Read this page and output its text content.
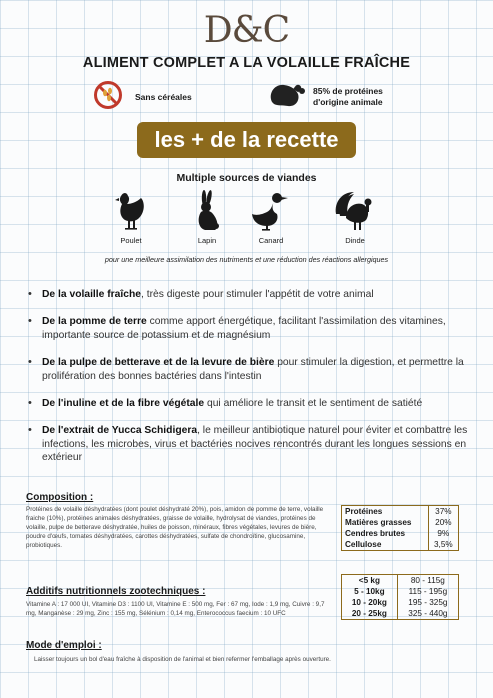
D&C
ALIMENT COMPLET A LA VOLAILLE FRAÎCHE
Sans céréales
85% de protéines
d'origine animale
les + de la recette
Multiple sources de viandes
Poulet	Lapin	Canard	Dinde
pour une meilleure assimilation des nutriments et une réduction des réactions allergiques
• De la volaille fraîche, très digeste pour stimuler l'appétit de votre animal
• De la pomme de terre comme apport énergétique, facilitant l'assimilation des vitamines, importante source de potassium et de magnésium
• De la pulpe de betterave et de la levure de bière pour stimuler la digestion, et permettre la prolifération des bonnes bactéries dans l'intestin
• De l'inuline et de la fibre végétale qui améliore le transit et le sentiment de satiété
• De l'extrait de Yucca Schidigera, le meilleur antibiotique naturel pour éviter et combattre les infections, les microbes, virus et bactéries nocives rencontrés durant les longues sessions en extérieur
Composition :
Protéines de volaille déshydratées (dont poulet déshydraté 20%), pois, amidon de pomme de terre, volaille fraiche (10%), protéines animales déshydratées, graisse de volaille, hydrolysat de viandes, protéines de volaille, pulpe de betterave déshydratée, huiles de poisson, minéraux, fibres végétales, levures de bière, poudre d'œufs, tomates déshydratées, carottes déshydratées, sulfate de chondroïtine, glucosamine, probiotiques.
Protéines	37%
Matières grasses	20%
Cendres brutes	9%
Cellulose	3,5%
Additifs nutritionnels zootechniques :
Vitamine A : 17 000 UI, Vitamine D3 : 1100 UI, Vitamine E : 500 mg, Fer : 67 mg, Iode : 1,9 mg, Cuivre : 9,7 mg, Manganèse : 29 mg, Zinc : 155 mg, Sélénium : 0,14 mg, Enterococcus faecium : 10 UFC
<5 kg	80 - 115g
5 - 10kg	115 - 195g
10 - 20kg	195 - 325g
20 - 25kg	325 - 440g
Mode d'emploi :
Laisser toujours un bol d'eau fraîche à disposition de l'animal et bien refermer l'emballage après ouverture.
